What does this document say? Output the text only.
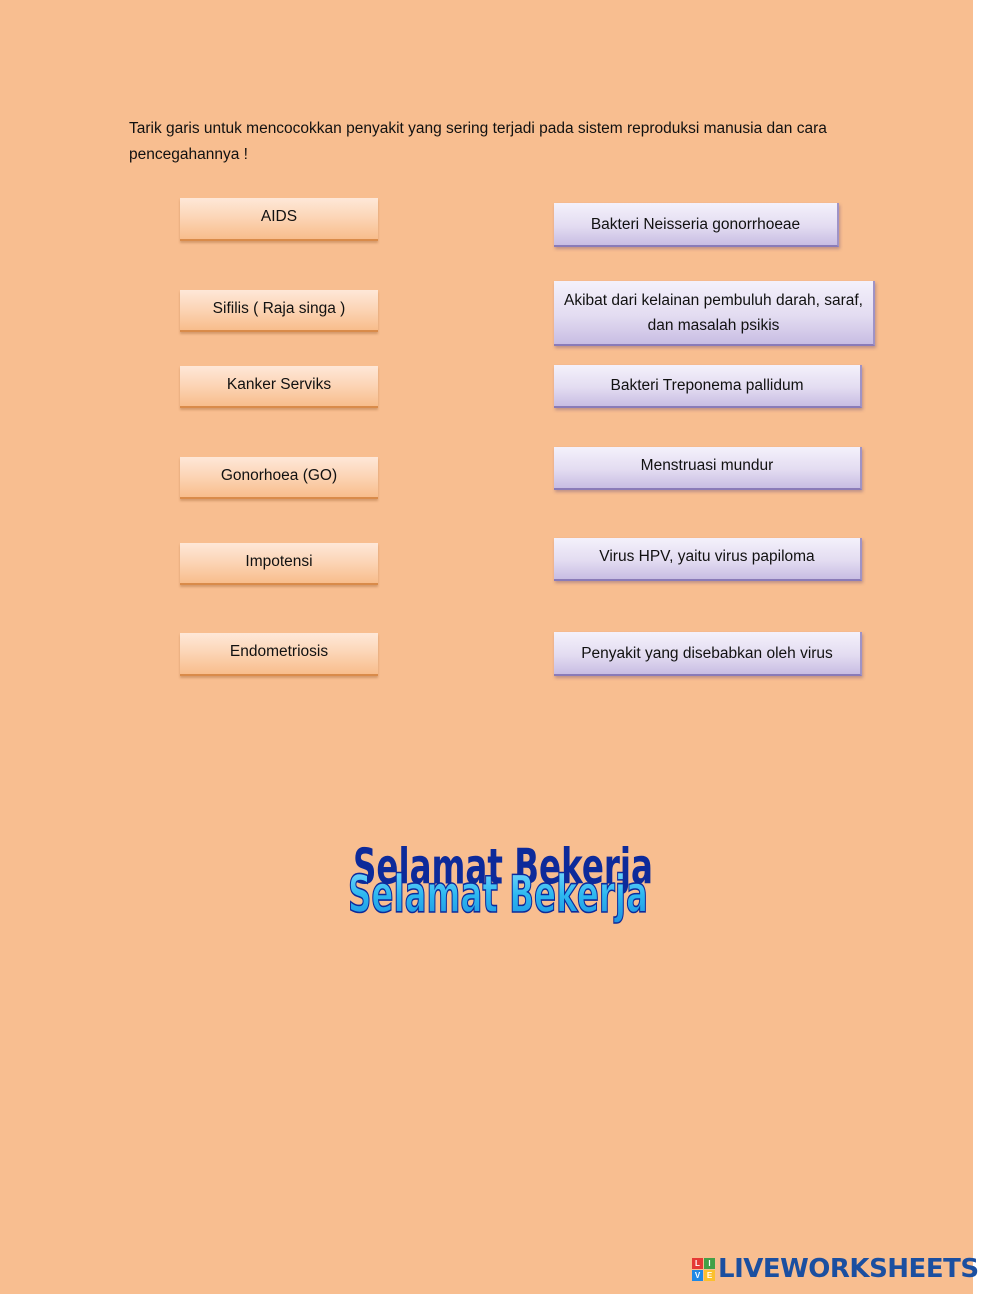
Tarik garis untuk mencocokkan penyakit yang sering terjadi pada sistem reproduksi manusia dan cara pencegahannya !
AIDS
Sifilis ( Raja singa )
Kanker Serviks
Gonorhoea (GO)
Impotensi
Endometriosis
Bakteri Neisseria gonorrhoeae
Akibat dari kelainan pembuluh darah, saraf, dan masalah psikis
Bakteri Treponema pallidum
Menstruasi mundur
Virus HPV, yaitu virus papiloma
Penyakit yang disebabkan oleh virus
Selamat Bekerja
Selamat Bekerja
L	I
V E LIVEWORKSHEETS
